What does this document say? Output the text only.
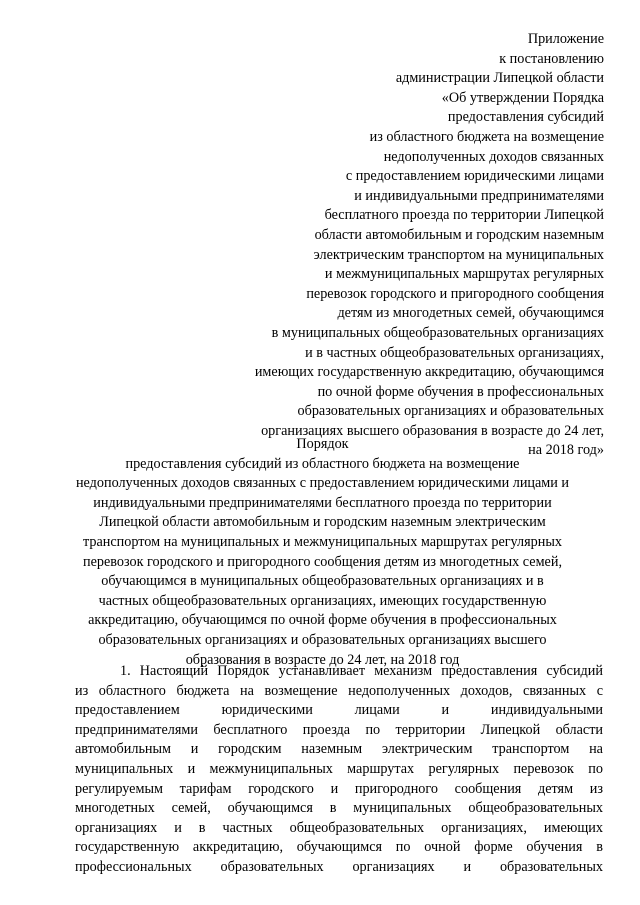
Приложение
к постановлению
администрации Липецкой области
«Об утверждении Порядка
предоставления субсидий
из областного бюджета на возмещение
недополученных доходов связанных
с предоставлением юридическими лицами
и индивидуальными предпринимателями
бесплатного проезда по территории Липецкой
области автомобильным и городским наземным
электрическим транспортом на муниципальных
и межмуниципальных маршрутах регулярных
перевозок городского и пригородного сообщения
детям из многодетных семей, обучающимся
в муниципальных общеобразовательных организациях
и в частных общеобразовательных организациях,
имеющих государственную аккредитацию, обучающимся
по очной форме обучения в профессиональных
образовательных организациях и образовательных
организациях высшего образования в возрасте до 24 лет,
на 2018 год»
Порядок
предоставления субсидий из областного бюджета на возмещение
недополученных доходов связанных с предоставлением юридическими лицами и
индивидуальными предпринимателями бесплатного проезда по территории
Липецкой области автомобильным и городским наземным электрическим
транспортом на муниципальных и межмуниципальных маршрутах регулярных
перевозок городского и пригородного сообщения детям из многодетных семей,
обучающимся в муниципальных общеобразовательных организациях и в
частных общеобразовательных организациях, имеющих государственную
аккредитацию, обучающимся по очной форме обучения в профессиональных
образовательных организациях и образовательных организациях высшего
образования в возрасте до 24 лет, на 2018 год
1. Настоящий Порядок устанавливает механизм предоставления субсидий
из областного бюджета на возмещение недополученных доходов, связанных с
предоставлением	юридическими	лицами	и	индивидуальными
предпринимателями бесплатного проезда по территории Липецкой области
автомобильным и городским наземным электрическим транспортом на
муниципальных и межмуниципальных маршрутах регулярных перевозок по
регулируемым тарифам городского и пригородного сообщения детям из
многодетных семей, обучающимся в муниципальных общеобразовательных
организациях и в частных общеобразовательных организациях, имеющих
государственную аккредитацию, обучающимся по очной форме обучения в
профессиональных образовательных организациях и образовательных
